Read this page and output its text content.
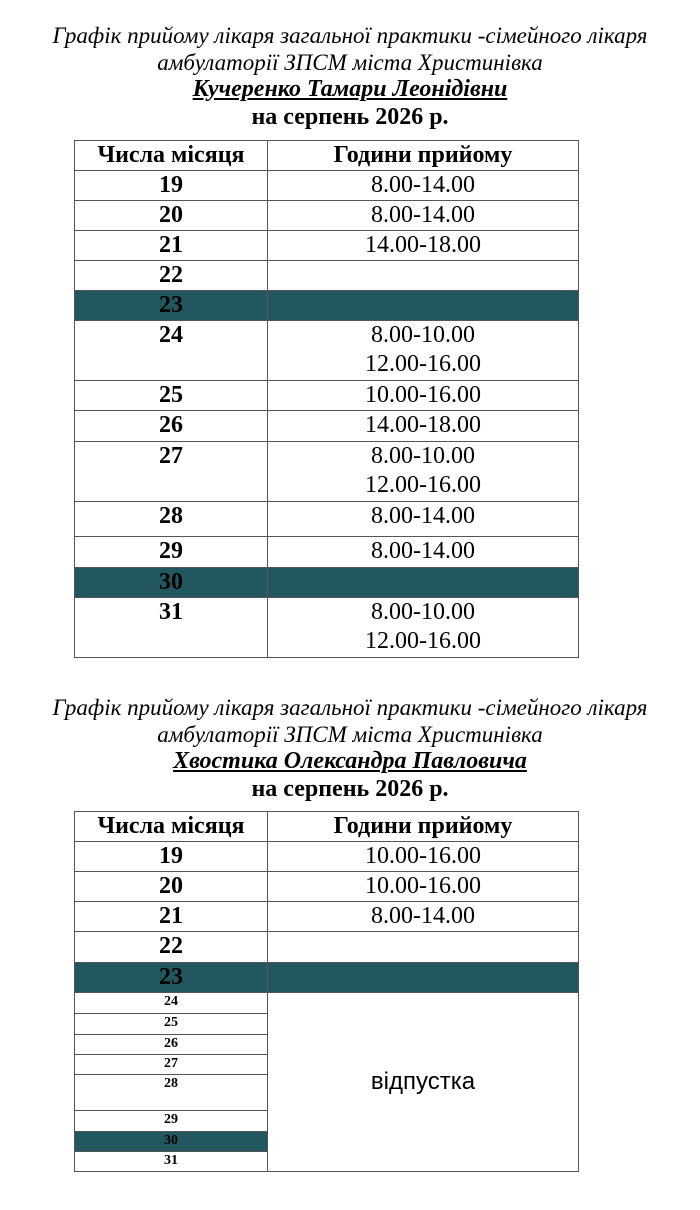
Графік прийому лікаря загальної практики -сімейного лікаря
амбулаторії ЗПСМ міста Христинівка
Кучеренко Тамари Леонідівни
на серпень 2026 р.
Числа місяця	Години прийому
19	8.00-14.00

20	8.00-14.00

21	14.00-18.00

22	
23	
24	8.00-10.00
12.00-16.00

25	10.00-16.00

26	14.00-18.00

27	8.00-10.00
12.00-16.00

28	8.00-14.00

29	8.00-14.00

30	
31	8.00-10.00
12.00-16.00
Графік прийому лікаря загальної практики -сімейного лікаря
амбулаторії ЗПСМ міста Христинівка
Хвостика Олександра Павловича
на серпень 2026 р.
Числа місяця	Години прийому
19	10.00-16.00

20	10.00-16.00

21	8.00-14.00

22	
23	
24	відпустка
25	
26	
27	
28	
29	
30	
31	
